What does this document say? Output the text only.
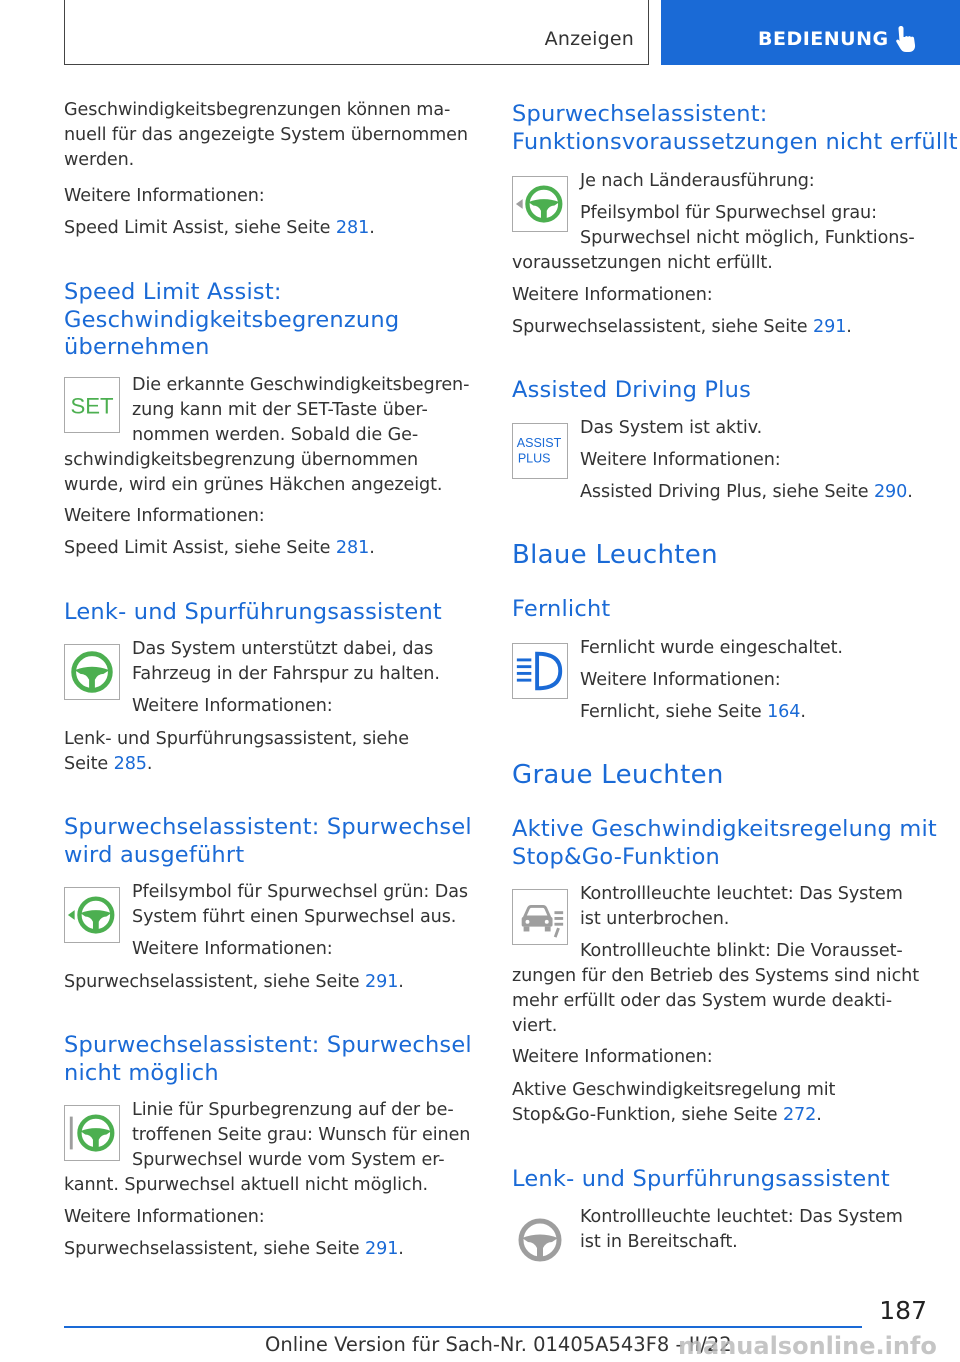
Anzeigen	BEDIENUNG
Geschwindigkeitsbegrenzungen können ma-
nuell für das angezeigte System übernommen
werden.
Weitere Informationen:
Speed Limit Assist, siehe Seite 281.
Speed Limit Assist:
Geschwindigkeitsbegrenzung
übernehmen
SET
Die erkannte Geschwindigkeitsbegren-
zung kann mit der SET-Taste über-
nommen werden. Sobald die Ge-
schwindigkeitsbegrenzung übernommen
wurde, wird ein grünes Häkchen angezeigt.
Weitere Informationen:
Speed Limit Assist, siehe Seite 281.
Lenk- und Spurführungsassistent
Das System unterstützt dabei, das
Fahrzeug in der Fahrspur zu halten.
Weitere Informationen:
Lenk- und Spurführungsassistent, siehe
Seite 285.
Spurwechselassistent: Spurwechsel
wird ausgeführt
Pfeilsymbol für Spurwechsel grün: Das
System führt einen Spurwechsel aus.
Weitere Informationen:
Spurwechselassistent, siehe Seite 291.
Spurwechselassistent: Spurwechsel
nicht möglich
Linie für Spurbegrenzung auf der be-
troffenen Seite grau: Wunsch für einen
Spurwechsel wurde vom System er-
kannt. Spurwechsel aktuell nicht möglich.
Weitere Informationen:
Spurwechselassistent, siehe Seite 291.
Spurwechselassistent:
Funktionsvoraussetzungen nicht erfüllt
Je nach Länderausführung:
Pfeilsymbol für Spurwechsel grau:
Spurwechsel nicht möglich, Funktions-
voraussetzungen nicht erfüllt.
Weitere Informationen:
Spurwechselassistent, siehe Seite 291.
Assisted Driving Plus
ASSIST
PLUS
Das System ist aktiv.
Weitere Informationen:
Assisted Driving Plus, siehe Seite 290.
Blaue Leuchten
Fernlicht
Fernlicht wurde eingeschaltet.
Weitere Informationen:
Fernlicht, siehe Seite 164.
Graue Leuchten
Aktive Geschwindigkeitsregelung mit
Stop&Go-Funktion
Kontrollleuchte leuchtet: Das System
ist unterbrochen.
Kontrollleuchte blinkt: Die Vorausset-
zungen für den Betrieb des Systems sind nicht
mehr erfüllt oder das System wurde deakti-
viert.
Weitere Informationen:
Aktive Geschwindigkeitsregelung mit
Stop&Go-Funktion, siehe Seite 272.
Lenk- und Spurführungsassistent
Kontrollleuchte leuchtet: Das System
ist in Bereitschaft.
187
Online Version für Sach-Nr. 01405A543F8 - II/22
manualsonline.info
